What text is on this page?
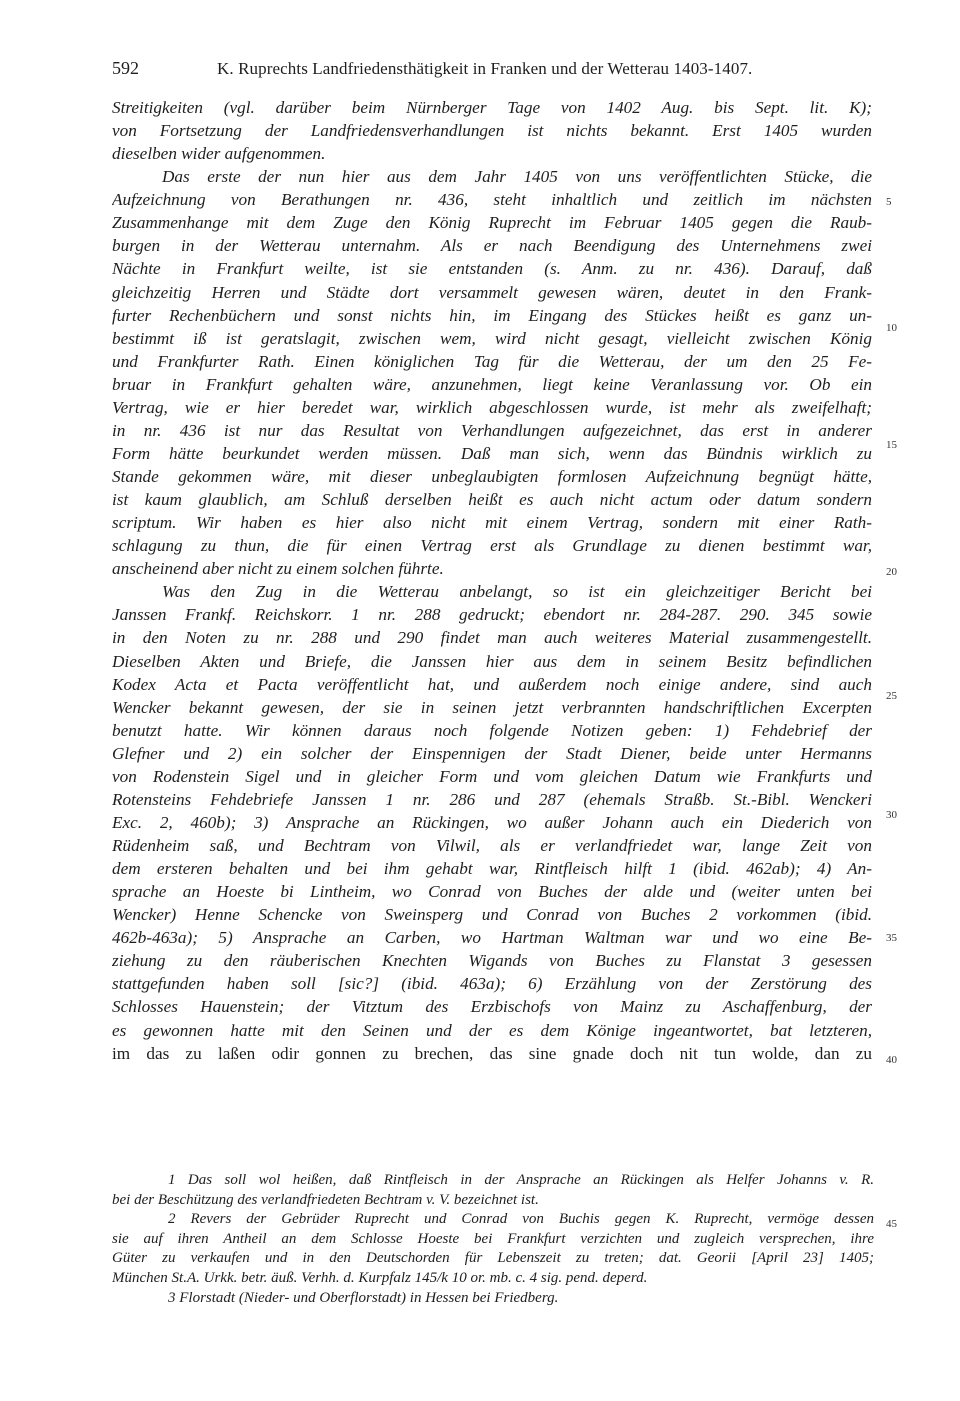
592	K. Ruprechts Landfriedensthätigkeit in Franken und der Wetterau 1403-1407.
Streitigkeiten (vgl. darüber beim Nürnberger Tage von 1402 Aug. bis Sept. lit. K);
von Fortsetzung der Landfriedensverhandlungen ist nichts bekannt. Erst 1405 wurden
dieselben wider aufgenommen.
Das erste der nun hier aus dem Jahr 1405 von uns veröffentlichten Stücke, die
Aufzeichnung von Berathungen nr. 436, steht inhaltlich und zeitlich im nächsten
Zusammenhange mit dem Zuge den König Ruprecht im Februar 1405 gegen die Raub-
burgen in der Wetterau unternahm. Als er nach Beendigung des Unternehmens zwei
Nächte in Frankfurt weilte, ist sie entstanden (s. Anm. zu nr. 436). Darauf, daß
gleichzeitig Herren und Städte dort versammelt gewesen wären, deutet in den Frank-
furter Rechenbüchern und sonst nichts hin, im Eingang des Stückes heißt es ganz un-
bestimmt iß ist geratslagit, zwischen wem, wird nicht gesagt, vielleicht zwischen König
und Frankfurter Rath. Einen königlichen Tag für die Wetterau, der um den 25 Fe-
bruar in Frankfurt gehalten wäre, anzunehmen, liegt keine Veranlassung vor. Ob ein
Vertrag, wie er hier beredet war, wirklich abgeschlossen wurde, ist mehr als zweifelhaft;
in nr. 436 ist nur das Resultat von Verhandlungen aufgezeichnet, das erst in anderer
Form hätte beurkundet werden müssen. Daß man sich, wenn das Bündnis wirklich zu
Stande gekommen wäre, mit dieser unbeglaubigten formlosen Aufzeichnung begnügt hätte,
ist kaum glaublich, am Schluß derselben heißt es auch nicht actum oder datum sondern
scriptum. Wir haben es hier also nicht mit einem Vertrag, sondern mit einer Rath-
schlagung zu thun, die für einen Vertrag erst als Grundlage zu dienen bestimmt war,
anscheinend aber nicht zu einem solchen führte.
Was den Zug in die Wetterau anbelangt, so ist ein gleichzeitiger Bericht bei
Janssen Frankf. Reichskorr. 1 nr. 288 gedruckt; ebendort nr. 284-287. 290. 345 sowie
in den Noten zu nr. 288 und 290 findet man auch weiteres Material zusammengestellt.
Dieselben Akten und Briefe, die Janssen hier aus dem in seinem Besitz befindlichen
Kodex Acta et Pacta veröffentlicht hat, und außerdem noch einige andere, sind auch
Wencker bekannt gewesen, der sie in seinen jetzt verbrannten handschriftlichen Excerpten
benutzt hatte. Wir können daraus noch folgende Notizen geben: 1) Fehdebrief der
Glefner und 2) ein solcher der Einspennigen der Stadt Diener, beide unter Hermanns
von Rodenstein Sigel und in gleicher Form und vom gleichen Datum wie Frankfurts und
Rotensteins Fehdebriefe Janssen 1 nr. 286 und 287 (ehemals Straßb. St.-Bibl. Wenckeri
Exc. 2, 460b); 3) Ansprache an Rückingen, wo außer Johann auch ein Diederich von
Rüdenheim saß, und Bechtram von Vilwil, als er verlandfriedet war, lange Zeit von
dem ersteren behalten und bei ihm gehabt war, Rintfleisch hilft 1 (ibid. 462ab); 4) An-
sprache an Hoeste bi Lintheim, wo Conrad von Buches der alde und (weiter unten bei
Wencker) Henne Schencke von Sweinsperg und Conrad von Buches 2 vorkommen (ibid.
462b-463a); 5) Ansprache an Carben, wo Hartman Waltman war und wo eine Be-
ziehung zu den räuberischen Knechten Wigands von Buches zu Flanstat 3 gesessen
stattgefunden haben soll [sic?] (ibid. 463a); 6) Erzählung von der Zerstörung des
Schlosses Hauenstein; der Vitztum des Erzbischofs von Mainz zu Aschaffenburg, der
es gewonnen hatte mit den Seinen und der es dem Könige ingeantwortet, bat letzteren,
im das zu laßen odir gonnen zu brechen, das sine gnade doch nit tun wolde, dan zu
5
10
15
20
25
30
35
40
45
1 Das soll wol heißen, daß Rintfleisch in der Ansprache an Rückingen als Helfer Johanns v. R.
bei der Beschützung des verlandfriedeten Bechtram v. V. bezeichnet ist.
2 Revers der Gebrüder Ruprecht und Conrad von Buchis gegen K. Ruprecht, vermöge dessen
sie auf ihren Antheil an dem Schlosse Hoeste bei Frankfurt verzichten und zugleich versprechen, ihre
Güter zu verkaufen und in den Deutschorden für Lebenszeit zu treten; dat. Georii [April 23] 1405;
München St.A. Urkk. betr. äuß. Verhh. d. Kurpfalz 145/k 10 or. mb. c. 4 sig. pend. deperd.
3 Florstadt (Nieder- und Oberflorstadt) in Hessen bei Friedberg.
